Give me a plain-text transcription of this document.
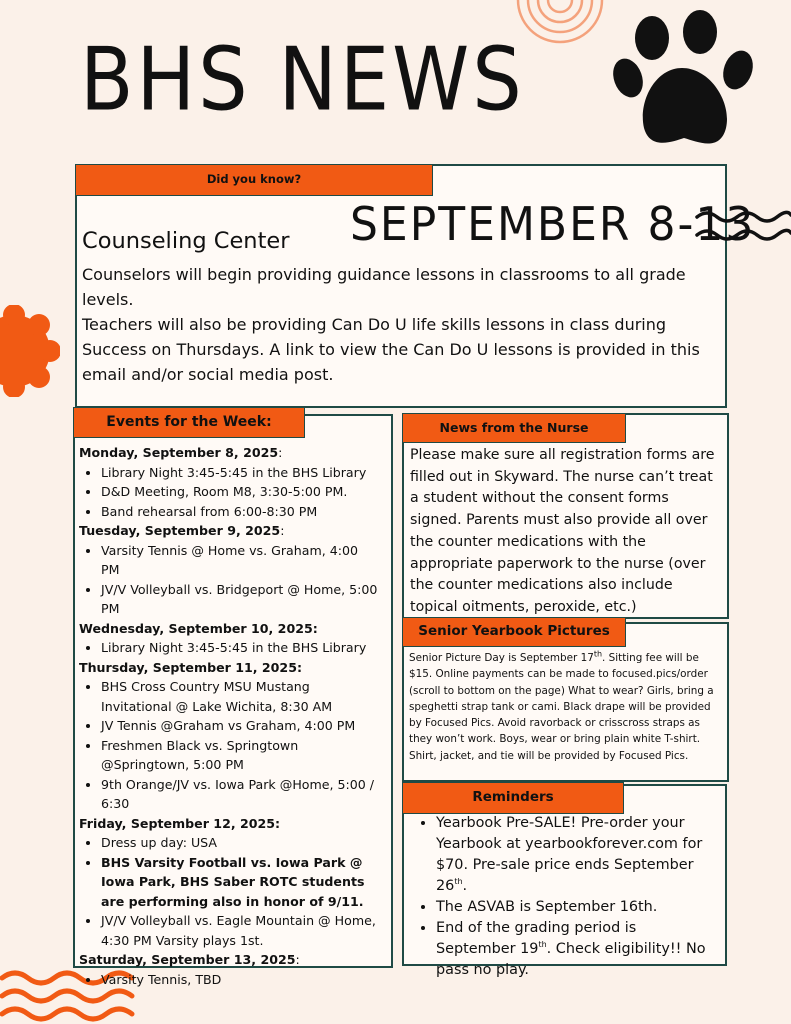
BHS NEWS
Did you know?
SEPTEMBER 8-13
Counseling Center
Counselors will begin providing guidance lessons in classrooms to all grade levels.
Teachers will also be providing Can Do U life skills lessons in class during Success on Thursdays. A link to view the Can Do U lessons is provided in this email and/or social media post.
Events for the Week:
Monday, September 8, 2025:
• Library Night 3:45-5:45 in the BHS Library
• D&D Meeting, Room M8, 3:30-5:00 PM.
• Band rehearsal from 6:00-8:30 PM
Tuesday, September 9, 2025:
• Varsity Tennis @ Home vs. Graham, 4:00 PM
• JV/V Volleyball vs. Bridgeport @ Home, 5:00 PM
Wednesday, September 10, 2025:
• Library Night 3:45-5:45 in the BHS Library
Thursday, September 11, 2025:
• BHS Cross Country MSU Mustang Invitational @ Lake Wichita, 8:30 AM
• JV Tennis @Graham vs Graham, 4:00 PM
• Freshmen Black vs. Springtown @Springtown, 5:00 PM
• 9th Orange/JV vs. Iowa Park @Home, 5:00 / 6:30
Friday, September 12, 2025:
• Dress up day: USA
• BHS Varsity Football vs. Iowa Park @ Iowa Park, BHS Saber ROTC students are performing also in honor of 9/11.
• JV/V Volleyball vs. Eagle Mountain @ Home, 4:30 PM Varsity plays 1st.
Saturday, September 13, 2025:
• Varsity Tennis, TBD
News from the Nurse
Please make sure all registration forms are filled out in Skyward. The nurse can’t treat a student without the consent forms signed. Parents must also provide all over the counter medications with the appropriate paperwork to the nurse (over the counter medications also include topical oitments, peroxide, etc.)
Senior Yearbook Pictures
Senior Picture Day is September 17th. Sitting fee will be $15. Online payments can be made to focused.pics/order (scroll to bottom on the page) What to wear? Girls, bring a speghetti strap tank or cami. Black drape will be provided by Focused Pics. Avoid ravorback or crisscross straps as they won’t work. Boys, wear or bring plain white T-shirt. Shirt, jacket, and tie will be provided by Focused Pics.
Reminders
• Yearbook Pre-SALE! Pre-order your Yearbook at yearbookforever.com for $70. Pre-sale price ends September 26th.
• The ASVAB is September 16th.
• End of the grading period is September 19th. Check eligibility!! No pass no play.
